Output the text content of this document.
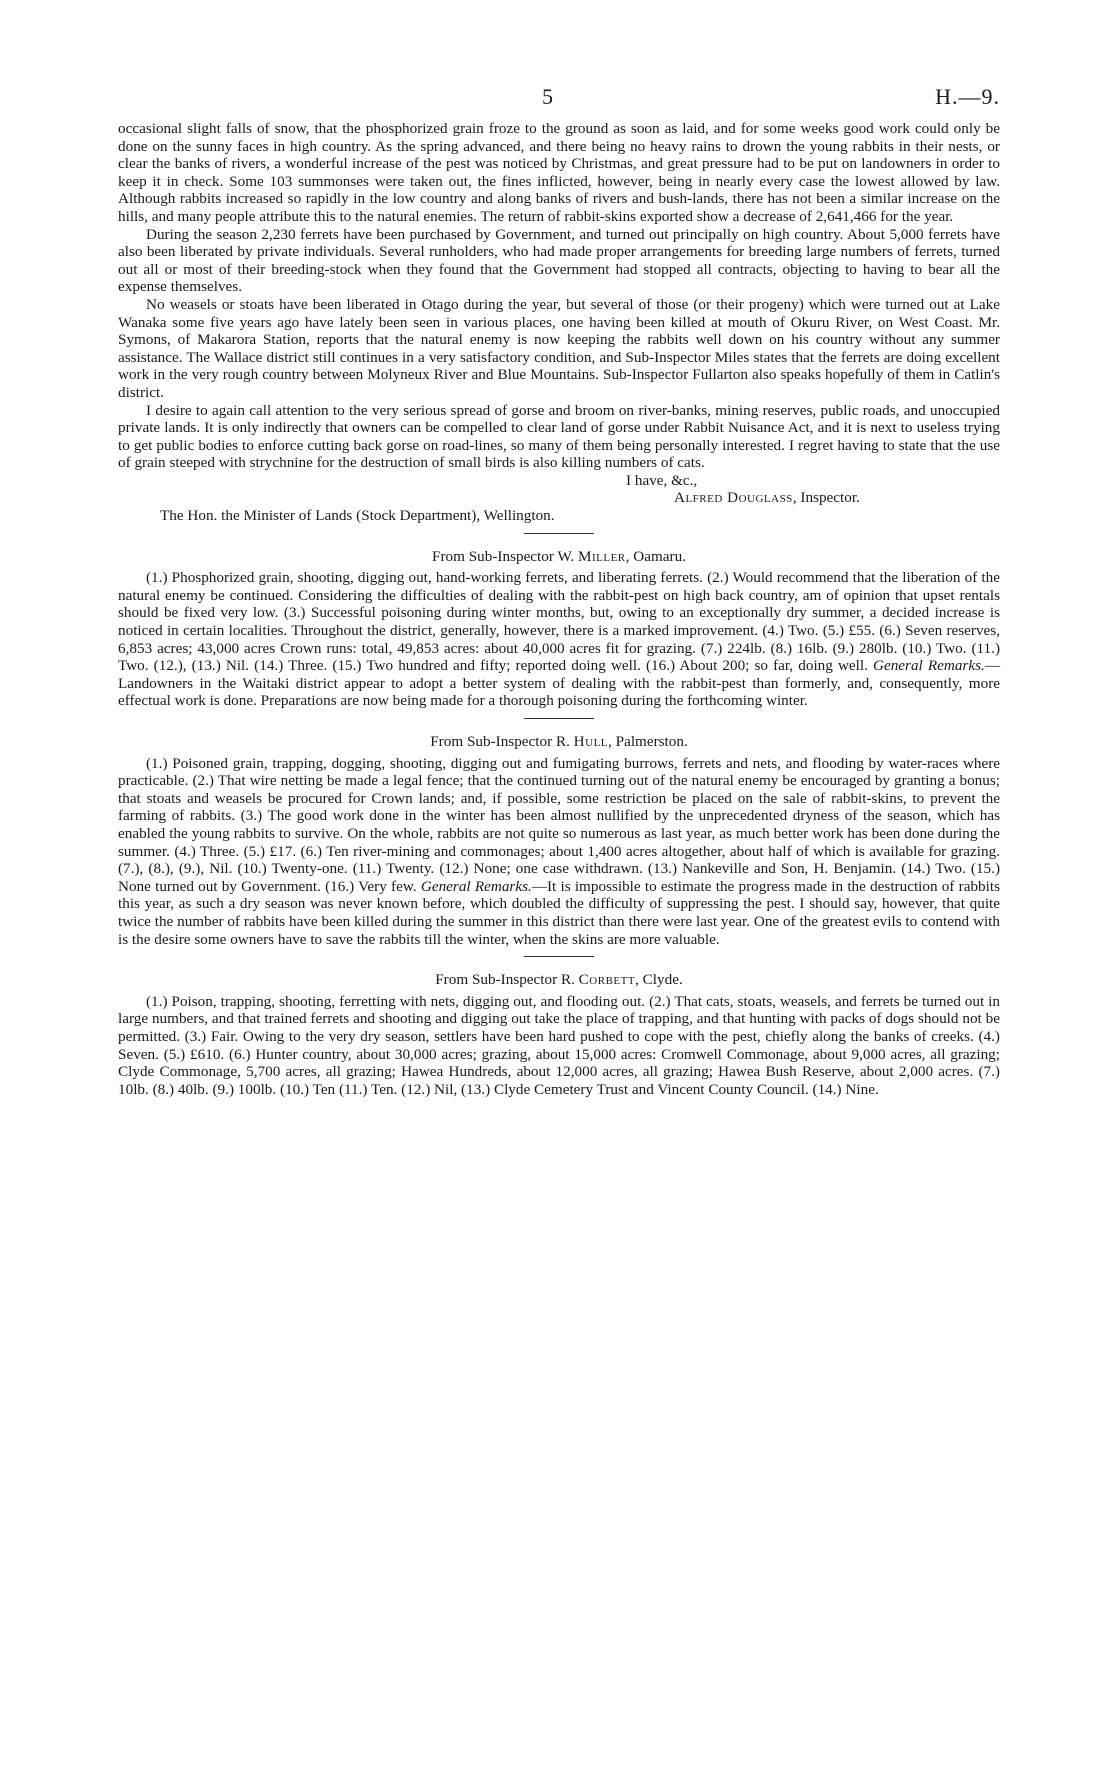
5	H.—9.

occasional slight falls of snow, that the phosphorized grain froze to the ground as soon as laid, and for some weeks good work could only be done on the sunny faces in high country. As the spring advanced, and there being no heavy rains to drown the young rabbits in their nests, or clear the banks of rivers, a wonderful increase of the pest was noticed by Christmas, and great pressure had to be put on landowners in order to keep it in check. Some 103 summonses were taken out, the fines inflicted, however, being in nearly every case the lowest allowed by law. Although rabbits increased so rapidly in the low country and along banks of rivers and bush-lands, there has not been a similar increase on the hills, and many people attribute this to the natural enemies. The return of rabbit-skins exported show a decrease of 2,641,466 for the year.

During the season 2,230 ferrets have been purchased by Government, and turned out principally on high country. About 5,000 ferrets have also been liberated by private individuals. Several runholders, who had made proper arrangements for breeding large numbers of ferrets, turned out all or most of their breeding-stock when they found that the Government had stopped all contracts, objecting to having to bear all the expense themselves.

No weasels or stoats have been liberated in Otago during the year, but several of those (or their progeny) which were turned out at Lake Wanaka some five years ago have lately been seen in various places, one having been killed at mouth of Okuru River, on West Coast. Mr. Symons, of Makarora Station, reports that the natural enemy is now keeping the rabbits well down on his country without any summer assistance. The Wallace district still continues in a very satisfactory condition, and Sub-Inspector Miles states that the ferrets are doing excellent work in the very rough country between Molyneux River and Blue Mountains. Sub-Inspector Fullarton also speaks hopefully of them in Catlin's district.

I desire to again call attention to the very serious spread of gorse and broom on river-banks, mining reserves, public roads, and unoccupied private lands. It is only indirectly that owners can be compelled to clear land of gorse under Rabbit Nuisance Act, and it is next to useless trying to get public bodies to enforce cutting back gorse on road-lines, so many of them being personally interested. I regret having to state that the use of grain steeped with strychnine for the destruction of small birds is also killing numbers of cats.

I have, &c.,
Alfred Douglass, Inspector.
The Hon. the Minister of Lands (Stock Department), Wellington.
From Sub-Inspector W. Miller, Oamaru.

(1.) Phosphorized grain, shooting, digging out, hand-working ferrets, and liberating ferrets. (2.) Would recommend that the liberation of the natural enemy be continued. Considering the difficulties of dealing with the rabbit-pest on high back country, am of opinion that upset rentals should be fixed very low. (3.) Successful poisoning during winter months, but, owing to an exceptionally dry summer, a decided increase is noticed in certain localities. Throughout the district, generally, however, there is a marked improvement. (4.) Two. (5.) £55. (6.) Seven reserves, 6,853 acres; 43,000 acres Crown runs: total, 49,853 acres: about 40,000 acres fit for grazing. (7.) 224lb. (8.) 16lb. (9.) 280lb. (10.) Two. (11.) Two. (12.), (13.) Nil. (14.) Three. (15.) Two hundred and fifty; reported doing well. (16.) About 200; so far, doing well. General Remarks.—Landowners in the Waitaki district appear to adopt a better system of dealing with the rabbit-pest than formerly, and, consequently, more effectual work is done. Preparations are now being made for a thorough poisoning during the forthcoming winter.

From Sub-Inspector R. Hull, Palmerston.

(1.) Poisoned grain, trapping, dogging, shooting, digging out and fumigating burrows, ferrets and nets, and flooding by water-races where practicable. (2.) That wire netting be made a legal fence; that the continued turning out of the natural enemy be encouraged by granting a bonus; that stoats and weasels be procured for Crown lands; and, if possible, some restriction be placed on the sale of rabbit-skins, to prevent the farming of rabbits. (3.) The good work done in the winter has been almost nullified by the unprecedented dryness of the season, which has enabled the young rabbits to survive. On the whole, rabbits are not quite so numerous as last year, as much better work has been done during the summer. (4.) Three. (5.) £17. (6.) Ten river-mining and commonages; about 1,400 acres altogether, about half of which is available for grazing. (7.), (8.), (9.), Nil. (10.) Twenty-one. (11.) Twenty. (12.) None; one case withdrawn. (13.) Nankeville and Son, H. Benjamin. (14.) Two. (15.) None turned out by Government. (16.) Very few. General Remarks.—It is impossible to estimate the progress made in the destruction of rabbits this year, as such a dry season was never known before, which doubled the difficulty of suppressing the pest. I should say, however, that quite twice the number of rabbits have been killed during the summer in this district than there were last year. One of the greatest evils to contend with is the desire some owners have to save the rabbits till the winter, when the skins are more valuable.

From Sub-Inspector R. Corbett, Clyde.

(1.) Poison, trapping, shooting, ferretting with nets, digging out, and flooding out. (2.) That cats, stoats, weasels, and ferrets be turned out in large numbers, and that trained ferrets and shooting and digging out take the place of trapping, and that hunting with packs of dogs should not be permitted. (3.) Fair. Owing to the very dry season, settlers have been hard pushed to cope with the pest, chiefly along the banks of creeks. (4.) Seven. (5.) £610. (6.) Hunter country, about 30,000 acres; grazing, about 15,000 acres: Cromwell Commonage, about 9,000 acres, all grazing; Clyde Commonage, 5,700 acres, all grazing; Hawea Hundreds, about 12,000 acres, all grazing; Hawea Bush Reserve, about 2,000 acres. (7.) 10lb. (8.) 40lb. (9.) 100lb. (10.) Ten (11.) Ten. (12.) Nil, (13.) Clyde Cemetery Trust and Vincent County Council. (14.) Nine.
